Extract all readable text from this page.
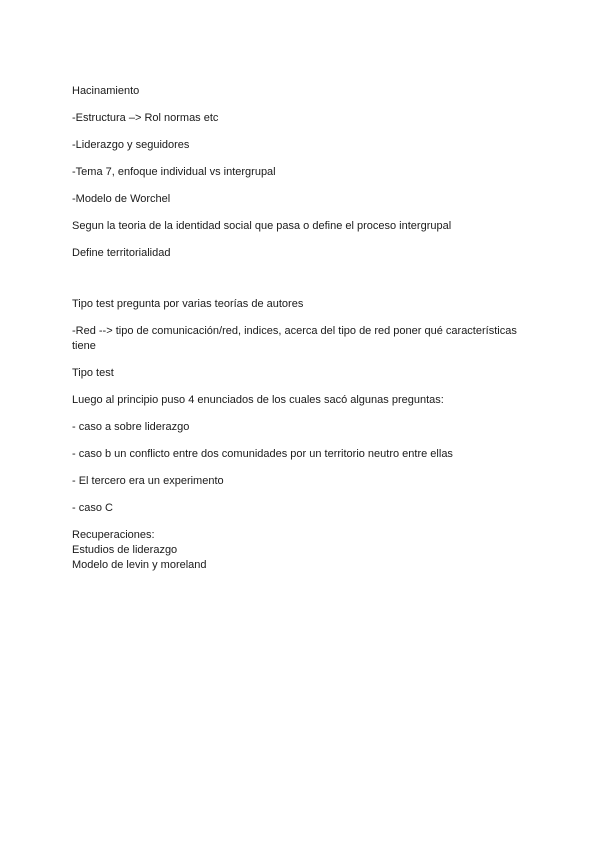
Hacinamiento

-Estructura –> Rol normas etc

-Liderazgo y seguidores

-Tema 7, enfoque individual vs intergrupal

-Modelo de Worchel

Segun la teoria de la identidad social que pasa o define el proceso intergrupal

Define territorialidad

Tipo test pregunta por varias teorías de autores

-Red --> tipo de comunicación/red, indices, acerca del tipo de red poner qué características tiene

Tipo test

Luego al principio puso 4 enunciados de los cuales sacó algunas preguntas:

- caso a sobre liderazgo

- caso b un conflicto entre dos comunidades por un territorio neutro entre ellas

- El tercero era un experimento

- caso C

Recuperaciones:

Estudios de liderazgo

Modelo de levin y moreland
